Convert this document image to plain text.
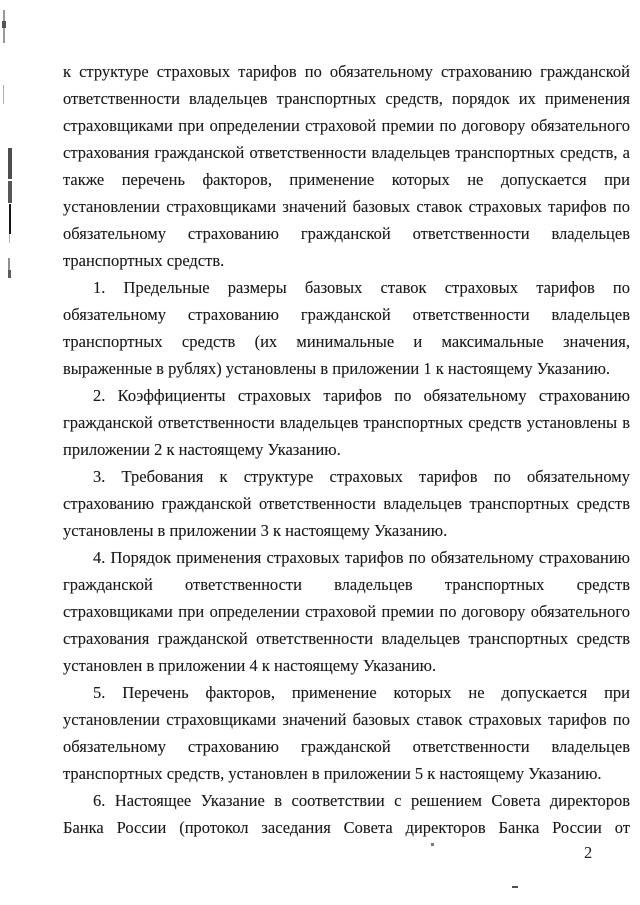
к структуре страховых тарифов по обязательному страхованию гражданской ответственности владельцев транспортных средств, порядок их применения страховщиками при определении страховой премии по договору обязательного страхования гражданской ответственности владельцев транспортных средств, а также перечень факторов, применение которых не допускается при установлении страховщиками значений базовых ставок страховых тарифов по обязательному страхованию гражданской ответственности владельцев транспортных средств.

1. Предельные размеры базовых ставок страховых тарифов по обязательному страхованию гражданской ответственности владельцев транспортных средств (их минимальные и максимальные значения, выраженные в рублях) установлены в приложении 1 к настоящему Указанию.

2. Коэффициенты страховых тарифов по обязательному страхованию гражданской ответственности владельцев транспортных средств установлены в приложении 2 к настоящему Указанию.

3. Требования к структуре страховых тарифов по обязательному страхованию гражданской ответственности владельцев транспортных средств установлены в приложении 3 к настоящему Указанию.

4. Порядок применения страховых тарифов по обязательному страхованию гражданской ответственности владельцев транспортных средств страховщиками при определении страховой премии по договору обязательного страхования гражданской ответственности владельцев транспортных средств установлен в приложении 4 к настоящему Указанию.

5. Перечень факторов, применение которых не допускается при установлении страховщиками значений базовых ставок страховых тарифов по обязательному страхованию гражданской ответственности владельцев транспортных средств, установлен в приложении 5 к настоящему Указанию.

6. Настоящее Указание в соответствии с решением Совета директоров Банка России (протокол заседания Совета директоров Банка России от

2
